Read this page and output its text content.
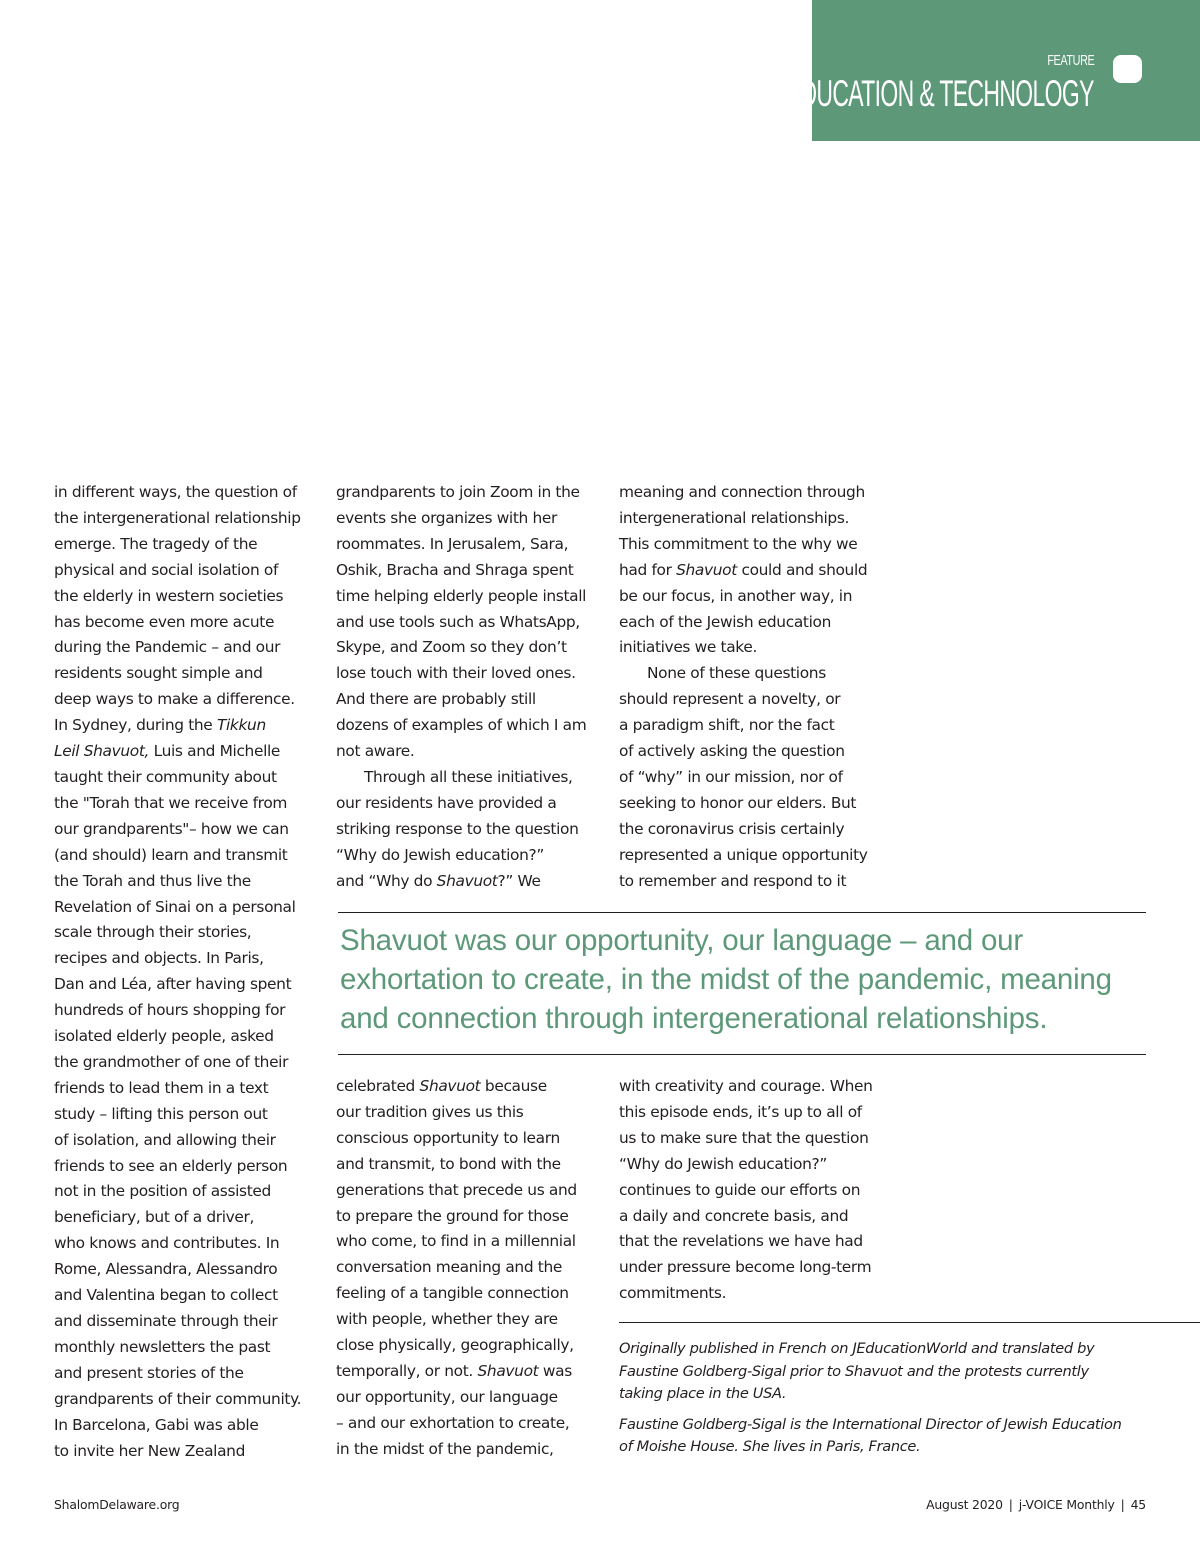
FEATURE
EDUCATION & TECHNOLOGY
in different ways, the question of
the intergenerational relationship
emerge. The tragedy of the
physical and social isolation of
the elderly in western societies
has become even more acute
during the Pandemic – and our
residents sought simple and
deep ways to make a difference.
In Sydney, during the Tikkun
Leil Shavuot, Luis and Michelle
taught their community about
the "Torah that we receive from
our grandparents"– how we can
(and should) learn and transmit
the Torah and thus live the
Revelation of Sinai on a personal
scale through their stories,
recipes and objects. In Paris,
Dan and Léa, after having spent
hundreds of hours shopping for
isolated elderly people, asked
the grandmother of one of their
friends to lead them in a text
study – lifting this person out
of isolation, and allowing their
friends to see an elderly person
not in the position of assisted
beneficiary, but of a driver,
who knows and contributes. In
Rome, Alessandra, Alessandro
and Valentina began to collect
and disseminate through their
monthly newsletters the past
and present stories of the
grandparents of their community.
In Barcelona, Gabi was able
to invite her New Zealand
grandparents to join Zoom in the
events she organizes with her
roommates. In Jerusalem, Sara,
Oshik, Bracha and Shraga spent
time helping elderly people install
and use tools such as WhatsApp,
Skype, and Zoom so they don’t
lose touch with their loved ones.
And there are probably still
dozens of examples of which I am
not aware.
Through all these initiatives,
our residents have provided a
striking response to the question
“Why do Jewish education?”
and “Why do Shavuot?” We
meaning and connection through
intergenerational relationships.
This commitment to the why we
had for Shavuot could and should
be our focus, in another way, in
each of the Jewish education
initiatives we take.
None of these questions
should represent a novelty, or
a paradigm shift, nor the fact
of actively asking the question
of “why” in our mission, nor of
seeking to honor our elders. But
the coronavirus crisis certainly
represented a unique opportunity
to remember and respond to it
Shavuot was our opportunity, our language – and our
exhortation to create, in the midst of the pandemic, meaning
and connection through intergenerational relationships.
celebrated Shavuot because
our tradition gives us this
conscious opportunity to learn
and transmit, to bond with the
generations that precede us and
to prepare the ground for those
who come, to find in a millennial
conversation meaning and the
feeling of a tangible connection
with people, whether they are
close physically, geographically,
temporally, or not. Shavuot was
our opportunity, our language
– and our exhortation to create,
in the midst of the pandemic,
with creativity and courage. When
this episode ends, it’s up to all of
us to make sure that the question
“Why do Jewish education?”
continues to guide our efforts on
a daily and concrete basis, and
that the revelations we have had
under pressure become long-term
commitments.

Originally published in French on JEducationWorld and translated by
Faustine Goldberg-Sigal prior to Shavuot and the protests currently
taking place in the USA.

Faustine Goldberg-Sigal is the International Director of Jewish Education
of Moishe House. She lives in Paris, France.

ShalomDelaware.org	August 2020 | j-VOICE Monthly | 45
